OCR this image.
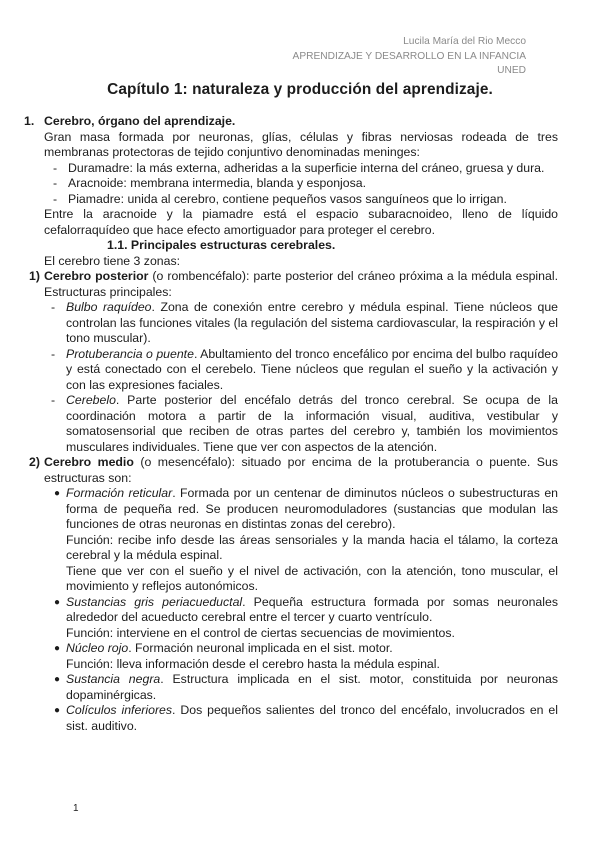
Lucila María del Rio Mecco
APRENDIZAJE Y DESARROLLO EN LA INFANCIA
UNED
Capítulo 1: naturaleza y producción del aprendizaje.

1. Cerebro, órgano del aprendizaje.

Gran masa formada por neuronas, glías, células y fibras nerviosas rodeada de tres membranas protectoras de tejido conjuntivo denominadas meninges:

- Duramadre: la más externa, adheridas a la superficie interna del cráneo, gruesa y dura.
- Aracnoide: membrana intermedia, blanda y esponjosa.
- Piamadre: unida al cerebro, contiene pequeños vasos sanguíneos que lo irrigan.

Entre la aracnoide y la piamadre está el espacio subaracnoideo, lleno de líquido cefalorraquídeo que hace efecto amortiguador para proteger el cerebro.

1.1. Principales estructuras cerebrales.

El cerebro tiene 3 zonas:

1) Cerebro posterior (o rombencéfalo): parte posterior del cráneo próxima a la médula espinal. Estructuras principales:

- Bulbo raquídeo. Zona de conexión entre cerebro y médula espinal. Tiene núcleos que controlan las funciones vitales (la regulación del sistema cardiovascular, la respiración y el tono muscular).
- Protuberancia o puente. Abultamiento del tronco encefálico por encima del bulbo raquídeo y está conectado con el cerebelo. Tiene núcleos que regulan el sueño y la activación y con las expresiones faciales.
- Cerebelo. Parte posterior del encéfalo detrás del tronco cerebral. Se ocupa de la coordinación motora a partir de la información visual, auditiva, vestibular y somatosensorial que reciben de otras partes del cerebro y, también los movimientos musculares individuales. Tiene que ver con aspectos de la atención.

2) Cerebro medio (o mesencéfalo): situado por encima de la protuberancia o puente. Sus estructuras son:

● Formación reticular. Formada por un centenar de diminutos núcleos o subestructuras en forma de pequeña red. Se producen neuromoduladores (sustancias que modulan las funciones de otras neuronas en distintas zonas del cerebro).

Función: recibe info desde las áreas sensoriales y la manda hacia el tálamo, la corteza cerebral y la médula espinal.

Tiene que ver con el sueño y el nivel de activación, con la atención, tono muscular, el movimiento y reflejos autonómicos.

● Sustancias gris periacueductal. Pequeña estructura formada por somas neuronales alrededor del acueducto cerebral entre el tercer y cuarto ventrículo.

Función: interviene en el control de ciertas secuencias de movimientos.

● Núcleo rojo. Formación neuronal implicada en el sist. motor.

Función: lleva información desde el cerebro hasta la médula espinal.

● Sustancia negra. Estructura implicada en el sist. motor, constituida por neuronas dopaminérgicas.

● Colículos inferiores. Dos pequeños salientes del tronco del encéfalo, involucrados en el sist. auditivo.

1
